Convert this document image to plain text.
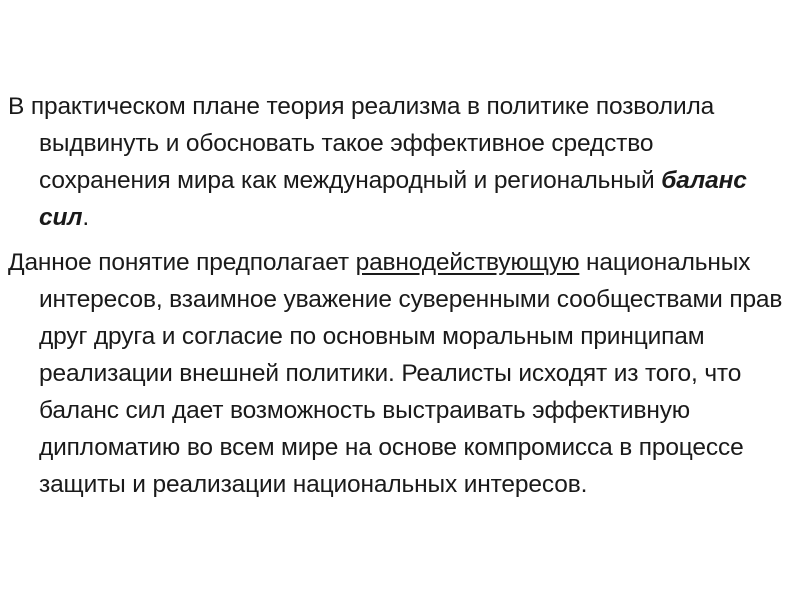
В практическом плане теория реализма в политике позволила выдвинуть и обосновать такое эффективное средство сохранения мира как международный и региональный баланс сил.

Данное понятие предполагает равнодействующую национальных интересов, взаимное уважение суверенными сообществами прав друг друга и согласие по основным моральным принципам реализации внешней политики. Реалисты исходят из того, что баланс сил дает возможность выстраивать эффективную дипломатию во всем мире на основе компромисса в процессе защиты и реализации национальных интересов.
